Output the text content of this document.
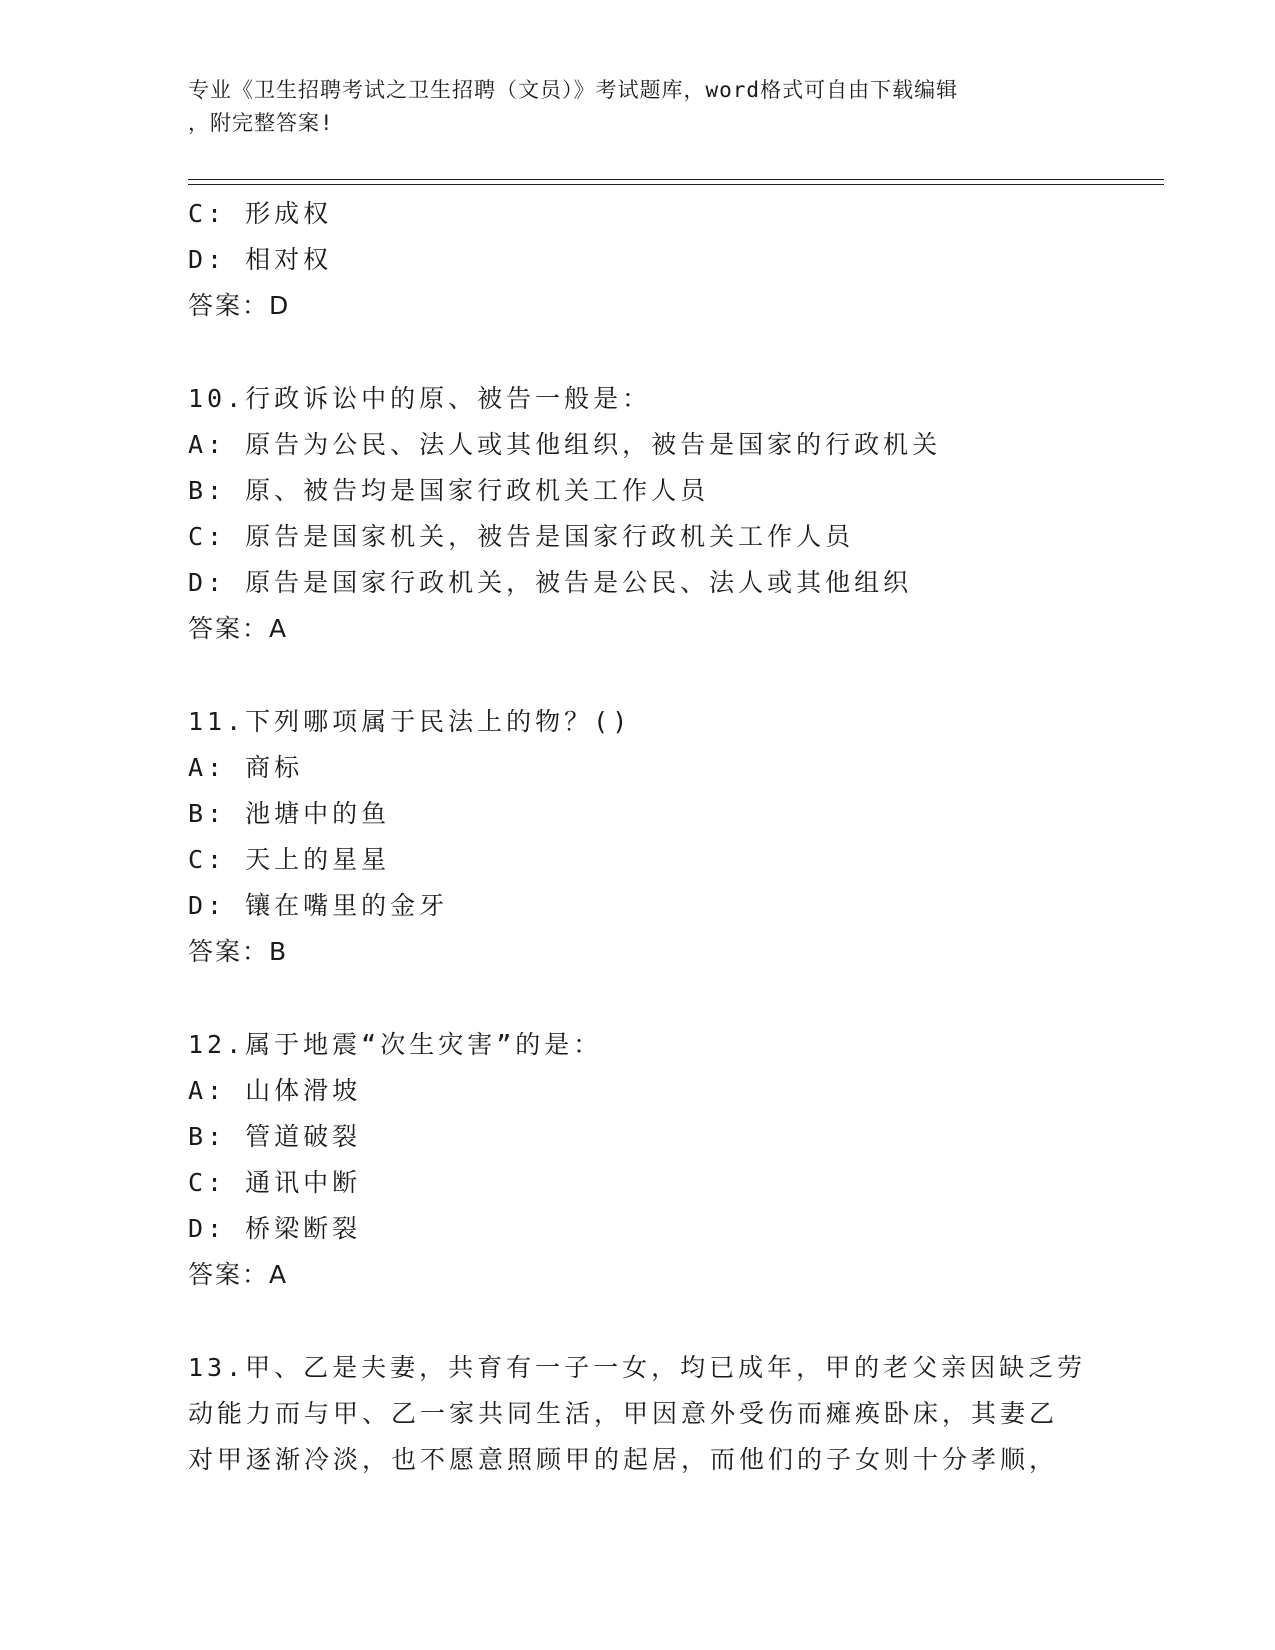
专业《卫生招聘考试之卫生招聘（文员）》考试题库，word格式可自由下载编辑
，附完整答案!
C: 形成权
D: 相对权
答案：D
10.行政诉讼中的原、被告一般是：
A: 原告为公民、法人或其他组织，被告是国家的行政机关
B: 原、被告均是国家行政机关工作人员
C: 原告是国家机关，被告是国家行政机关工作人员
D: 原告是国家行政机关，被告是公民、法人或其他组织
答案：A
11.下列哪项属于民法上的物？()
A: 商标
B: 池塘中的鱼
C: 天上的星星
D: 镶在嘴里的金牙
答案：B
12.属于地震“次生灾害”的是：
A: 山体滑坡
B: 管道破裂
C: 通讯中断
D: 桥梁断裂
答案：A
13.甲、乙是夫妻，共育有一子一女，均已成年，甲的老父亲因缺乏劳
动能力而与甲、乙一家共同生活，甲因意外受伤而瘫痪卧床，其妻乙
对甲逐渐冷淡，也不愿意照顾甲的起居，而他们的子女则十分孝顺，
